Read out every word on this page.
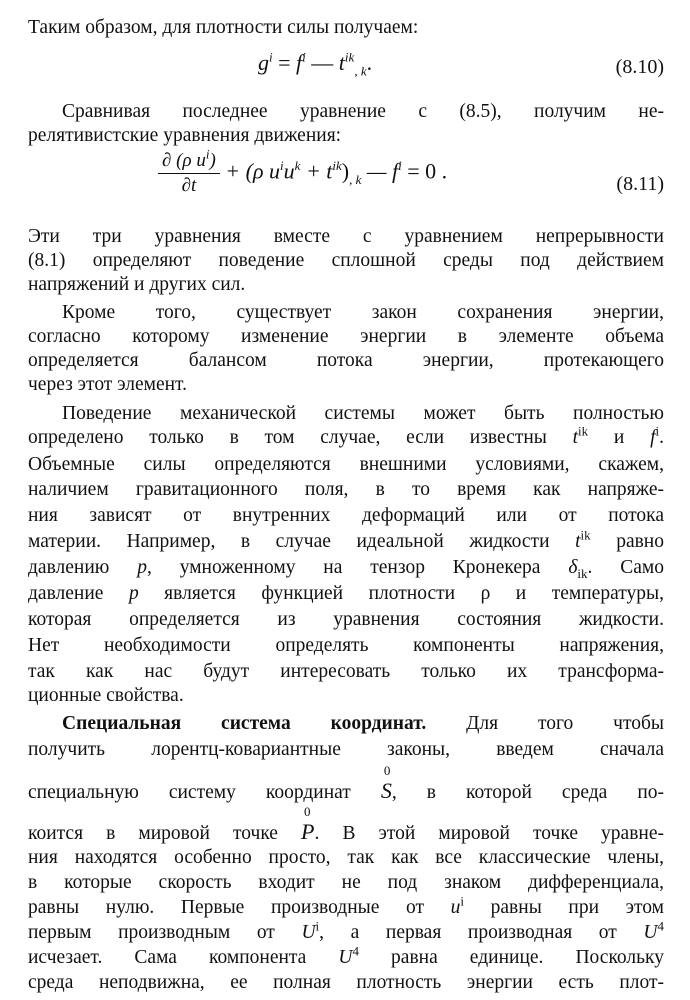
Таким образом, для плотности силы получаем:
$g^i = f^i$ — $t^{ik}_{, k}$.	(8.10)
Сравнивая последнее уравнение с (8.5), получим не-
релятивистские уравнения движения:
$\frac{\partial (\rho u^i)}{\partial t} + (\rho$ $u^iu^k + t^{ik})_{, k}$ — $f^i = 0$ .
(8.11)
Эти три уравнения вместе с уравнением непрерывности
(8.1) определяют поведение сплошной среды под действием
напряжений и других сил.
Кроме того, существует закон сохранения энергии,
согласно которому изменение энергии в элементе объема
определяется балансом потока энергии, протекающего
через этот элемент.
Поведение механической системы может быть полностью
определено только в том случае, если известны $t^{ik}$ и $f^i$.
Объемные силы определяются внешними условиями, скажем,
наличием гравитационного поля, в то время как напряже-
ния зависят от внутренних деформаций или от потока
материи. Например, в случае идеальной жидкости $t^{ik}$ равно
давлению p, умноженному на тензор Кронекера $\delta_{ik}$. Само
давление p является функцией плотности ρ и температуры,
которая определяется из уравнения состояния жидкости.
Нет необходимости определять компоненты напряжения,
так как нас будут интересовать только их трансформа-
ционные свойства.
Специальная система координат. Для того чтобы
получить лорентц-ковариантные законы, введем сначала
специальную систему координат
0
S, в которой среда по-
коится в мировой точке
0
P. В этой мировой точке уравне-
ния находятся особенно просто, так как все классические члены,
в которые скорость входит не под знаком дифференциала,
равны нулю. Первые производные от $u^i$ равны при этом
первым производным от $U^i$, а первая производная от $U^4$
исчезает. Сама компонента $U^4$ равна единице. Поскольку
среда неподвижна, ее полная плотность энергии есть плот-
